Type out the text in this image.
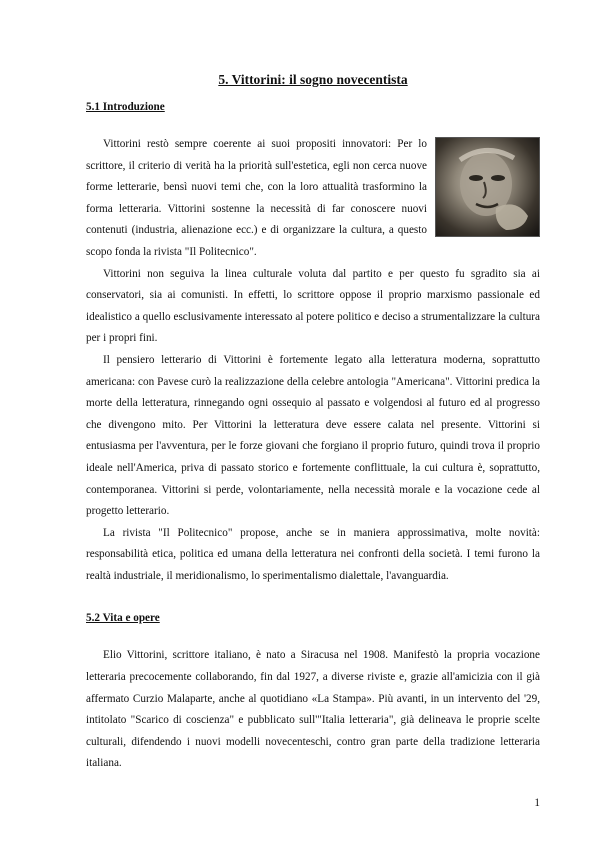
5. Vittorini: il sogno novecentista
5.1 Introduzione

Vittorini restò sempre coerente ai suoi propositi innovatori: Per lo scrittore, il criterio di verità ha la priorità sull'estetica, egli non cerca nuove forme letterarie, bensì nuovi temi che, con la loro attualità trasformino la forma letteraria. Vittorini sostenne la necessità di far conoscere nuovi contenuti (industria, alienazione ecc.) e di organizzare la cultura, a questo scopo fonda la rivista "Il Politecnico".

Vittorini non seguiva la linea culturale voluta dal partito e per questo fu sgradito sia ai conservatori, sia ai comunisti. In effetti, lo scrittore oppose il proprio marxismo passionale ed idealistico a quello esclusivamente interessato al potere politico e deciso a strumentalizzare la cultura per i propri fini.

Il pensiero letterario di Vittorini è fortemente legato alla letteratura moderna, soprattutto americana: con Pavese curò la realizzazione della celebre antologia "Americana". Vittorini predica la morte della letteratura, rinnegando ogni ossequio al passato e volgendosi al futuro ed al progresso che divengono mito. Per Vittorini la letteratura deve essere calata nel presente. Vittorini si entusiasma per l'avventura, per le forze giovani che forgiano il proprio futuro, quindi trova il proprio ideale nell'America, priva di passato storico e fortemente conflittuale, la cui cultura è, soprattutto, contemporanea. Vittorini si perde, volontariamente, nella necessità morale e la vocazione cede al progetto letterario.

La rivista "Il Politecnico" propose, anche se in maniera approssimativa, molte novità: responsabilità etica, politica ed umana della letteratura nei confronti della società. I temi furono la realtà industriale, il meridionalismo, lo sperimentalismo dialettale, l'avanguardia.

5.2 Vita e opere

Elio Vittorini, scrittore italiano, è nato a Siracusa nel 1908. Manifestò la propria vocazione letteraria precocemente collaborando, fin dal 1927, a diverse riviste e, grazie all'amicizia con il già affermato Curzio Malaparte, anche al quotidiano «La Stampa». Più avanti, in un intervento del '29, intitolato "Scarico di coscienza" e pubblicato sull'"Italia letteraria", già delineava le proprie scelte culturali, difendendo i nuovi modelli novecenteschi, contro gran parte della tradizione letteraria italiana.

1
